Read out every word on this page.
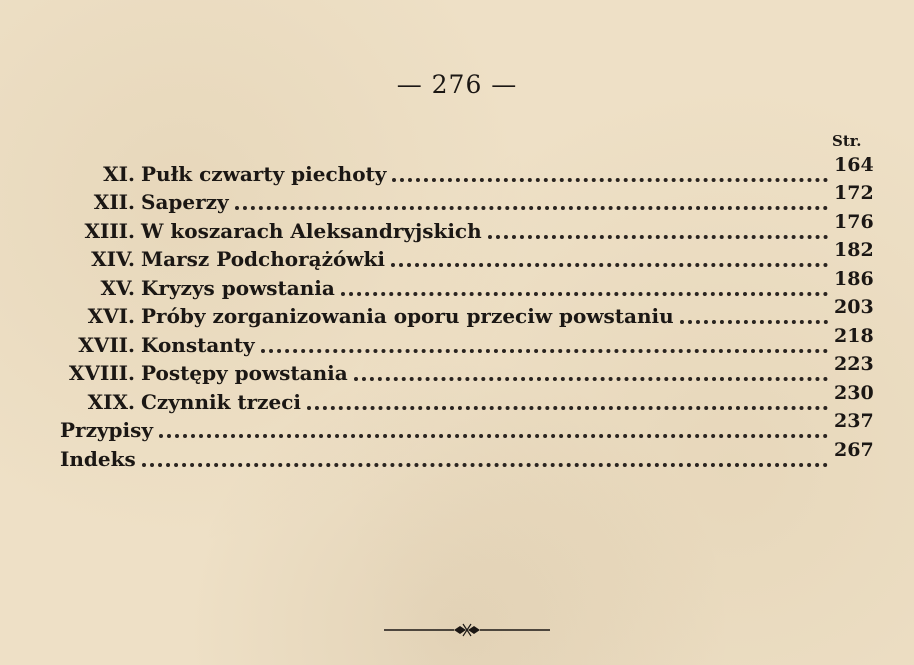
— 276 —
Str.
XI. Pułk czwarty piechoty	164
XII. Saperzy	172
XIII. W koszarach Aleksandryjskich	176
XIV. Marsz Podchorążówki	182
XV. Kryzys powstania	186
XVI. Próby zorganizowania oporu przeciw powstaniu	203
XVII. Konstanty	218
XVIII. Postępy powstania	223
XIX. Czynnik trzeci	230
Przypisy	237
Indeks	267
